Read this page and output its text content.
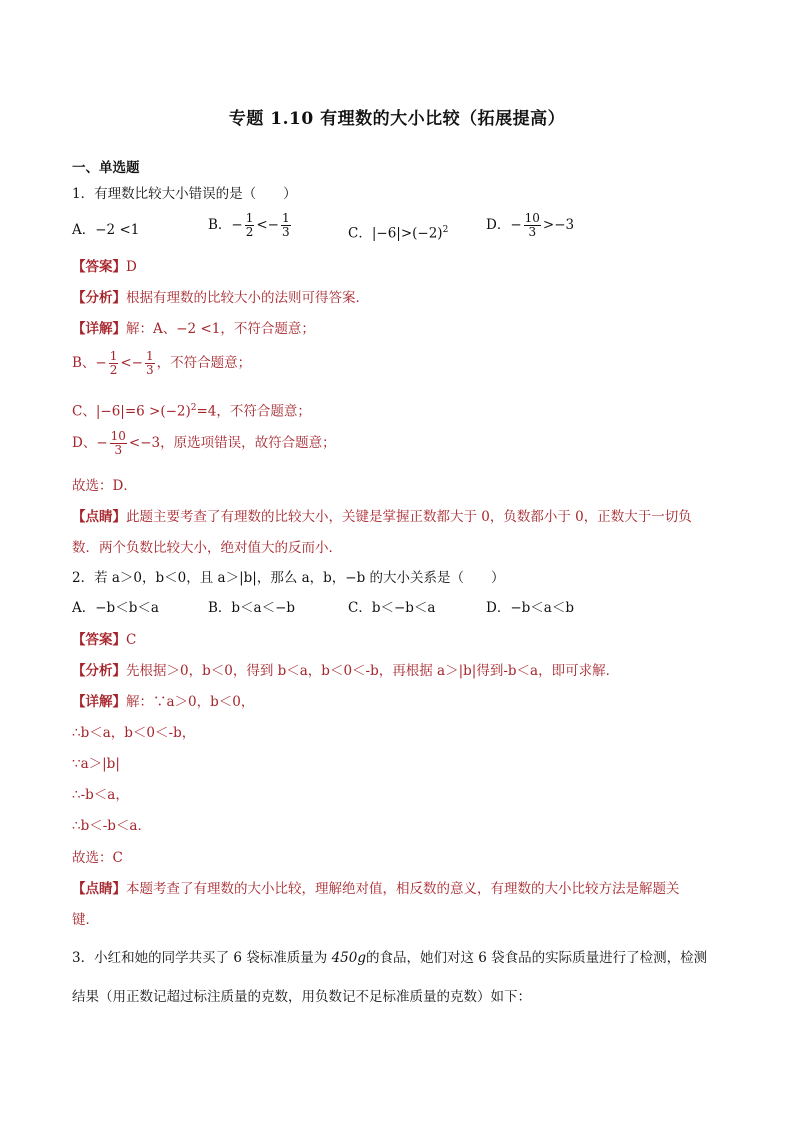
专题 1.10 有理数的大小比较（拓展提高）
一、单选题
1．有理数比较大小错误的是（　　）
A．−2 <1	B．− $\frac{1}{2} <- \frac{1}{3}$	C．$|-6|>(-2)^2$	D．− $\frac{10}{3} >-3$
【答案】D
【分析】根据有理数的比较大小的法则可得答案．
【详解】解：A、−2 <1，不符合题意；
B、− $\frac{1}{2} <- \frac{1}{3}$ ，不符合题意；
C、$|-6|=6 >(-2)^2=4$，不符合题意；
D、− $\frac{10}{3} <-3$，原选项错误，故符合题意；
故选：D．
【点睛】此题主要考查了有理数的比较大小，关键是掌握正数都大于 0，负数都小于 0，正数大于一切负
数．两个负数比较大小，绝对值大的反而小．
2．若 a＞0，b＜0，且 a＞|b|，那么 a，b，−b 的大小关系是（　　）
A．−b＜b＜a	B．b＜a＜−b	C．b＜−b＜a	D．−b＜a＜b
【答案】C
【分析】先根据＞0，b＜0，得到 b＜a，b＜0＜-b，再根据 a＞|b|得到-b＜a，即可求解．
【详解】解：∵a＞0，b＜0，
∴b＜a，b＜0＜-b，
∵a＞|b|
∴-b＜a，
∴b＜-b＜a．
故选：C
【点睛】本题考查了有理数的大小比较，理解绝对值，相反数的意义，有理数的大小比较方法是解题关
键．
3．小红和她的同学共买了 6 袋标准质量为 450g的食品，她们对这 6 袋食品的实际质量进行了检测，检测
结果（用正数记超过标注质量的克数，用负数记不足标准质量的克数）如下：
